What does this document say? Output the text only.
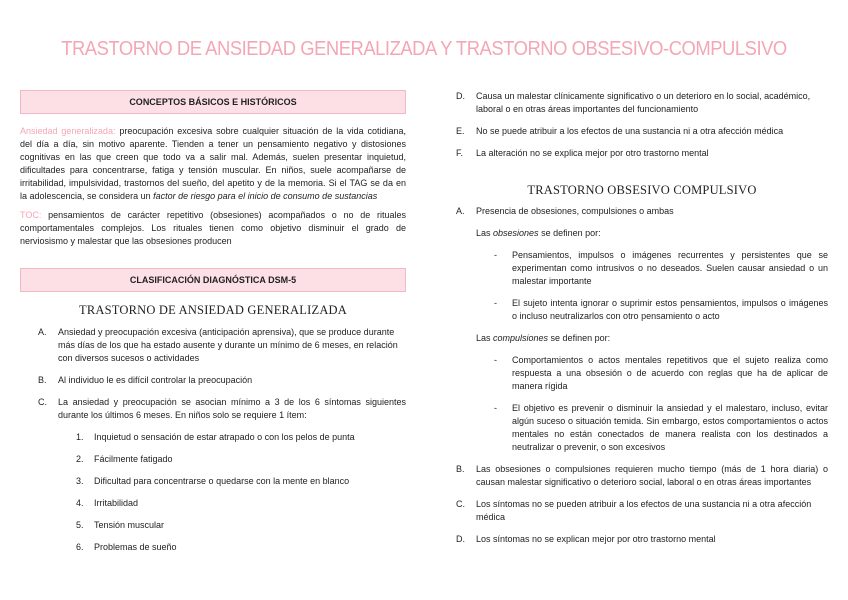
TRASTORNO DE ANSIEDAD GENERALIZADA Y TRASTORNO OBSESIVO-COMPULSIVO
CONCEPTOS BÁSICOS E HISTÓRICOS

Ansiedad generalizada: preocupación excesiva sobre cualquier situación de la vida cotidiana, del día a día, sin motivo aparente. Tienden a tener un pensamiento negativo y distosiones cognitivas en las que creen que todo va a salir mal. Además, suelen presentar inquietud, dificultades para concentrarse, fatiga y tensión muscular. En niños, suele acompañarse de irritabilidad, impulsividad, trastornos del sueño, del apetito y de la memoria. Si el TAG se da en la adolescencia, se considera un factor de riesgo para el inicio de consumo de sustancias

TOC: pensamientos de carácter repetitivo (obsesiones) acompañados o no de rituales comportamentales complejos. Los rituales tienen como objetivo disminuir el grado de nerviosismo y malestar que las obsesiones producen

CLASIFICACIÓN DIAGNÓSTICA DSM-5
TRASTORNO DE ANSIEDAD GENERALIZADA
A.	Ansiedad y preocupación excesiva (anticipación aprensiva), que se produce durante más días de los que ha estado ausente y durante un mínimo de 6 meses, en relación con diversos sucesos o actividades
B.	Al individuo le es difícil controlar la preocupación
C.	La ansiedad y preocupación se asocian mínimo a 3 de los 6 síntomas siguientes durante los últimos 6 meses. En niños solo se requiere 1 ítem:
1.	Inquietud o sensación de estar atrapado o con los pelos de punta
2.	Fácilmente fatigado
3.	Dificultad para concentrarse o quedarse con la mente en blanco
4.	Irritabilidad
5.	Tensión muscular
6.	Problemas de sueño
D.	Causa un malestar clínicamente significativo o un deterioro en lo social, académico, laboral o en otras áreas importantes del funcionamiento
E.	No se puede atribuir a los efectos de una sustancia ni a otra afección médica
F.	La alteración no se explica mejor por otro trastorno mental
TRASTORNO OBSESIVO COMPULSIVO
A.	Presencia de obsesiones, compulsiones o ambas

Las obsesiones se definen por:

-	Pensamientos, impulsos o imágenes recurrentes y persistentes que se experimentan como intrusivos o no deseados. Suelen causar ansiedad o un malestar importante
-	El sujeto intenta ignorar o suprimir estos pensamientos, impulsos o imágenes o incluso neutralizarlos con otro pensamiento o acto

Las compulsiones se definen por:

-	Comportamientos o actos mentales repetitivos que el sujeto realiza como respuesta a una obsesión o de acuerdo con reglas que ha de aplicar de manera rígida
-	El objetivo es prevenir o disminuir la ansiedad y el malestaro, incluso, evitar algún suceso o situación temida. Sin embargo, estos comportamientos o actos mentales no están conectados de manera realista con los destinados a neutralizar o prevenir, o son excesivos
B.	Las obsesiones o compulsiones requieren mucho tiempo (más de 1 hora diaria) o causan malestar significativo o deterioro social, laboral o en otras áreas importantes
C.	Los síntomas no se pueden atribuir a los efectos de una sustancia ni a otra afección médica
D.	Los síntomas no se explican mejor por otro trastorno mental
